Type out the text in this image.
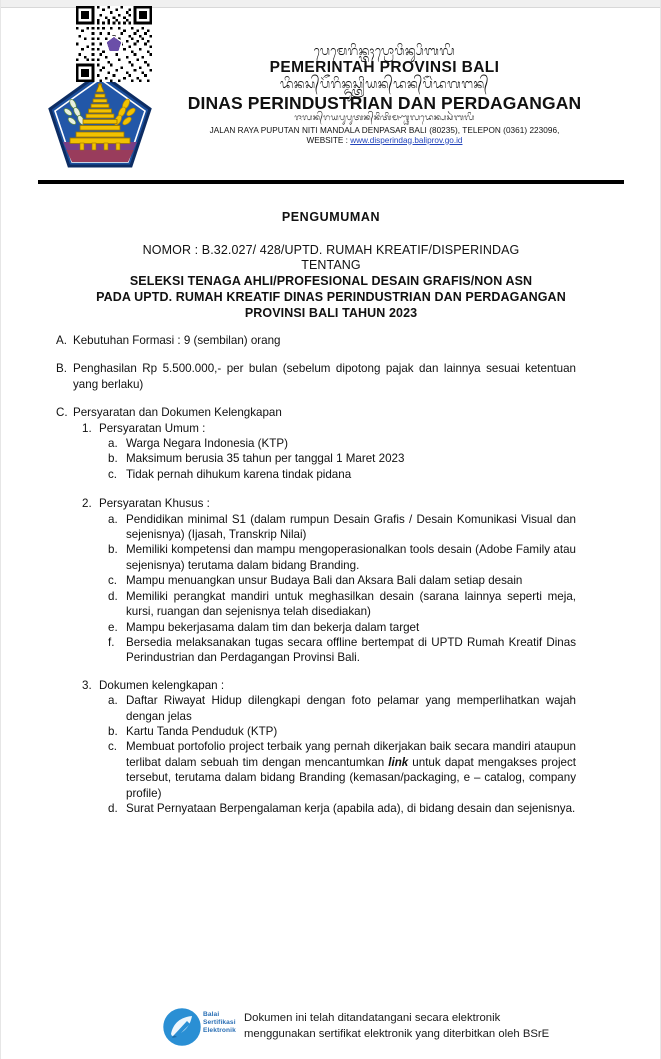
ᬧᬾᬫᬾᬭᬶᬦ᭄ᬢᬄ​ᬧ᭄ᬭᭀᬯᬶᬦ᭄ᬲᬶ​ᬩᬮᬶ
PEMERINTAH PROVINSI BALI
ᬤᬶᬦᬲ᭄​ᬧᭂᬭᬶᬦ᭄ᬤᬸᬲ᭄ᬢ᭄ᬭᬶᬬᬦ᭄​ᬤᬦ᭄​ᬧᭂᬃᬤᬕᬗᬦ᭄
DINAS PERINDUSTRIAN DAN PERDAGANGAN
ᬚᬮᬦ᭄​ᬭᬬ​ᬧᬸᬧᬸᬢᬦ᭄​ᬦᬶᬢᬶ​ᬫᬡ᭄ᬥᬮ​ᬤᬾᬦ᭄ᬧᬲᬃ​ᬩᬮᬶ
JALAN RAYA PUPUTAN NITI MANDALA DENPASAR BALI (80235), TELEPON (0361) 223096,
WEBSITE : www.disperindag.baliprov.go.id
PENGUMUMAN
NOMOR : B.32.027/ 428/UPTD. RUMAH KREATIF/DISPERINDAG
TENTANG
SELEKSI TENAGA AHLI/PROFESIONAL DESAIN GRAFIS/NON ASN
PADA UPTD. RUMAH KREATIF DINAS PERINDUSTRIAN DAN PERDAGANGAN
PROVINSI BALI TAHUN 2023
A. Kebutuhan Formasi : 9 (sembilan) orang
B. Penghasilan Rp 5.500.000,- per bulan (sebelum dipotong pajak dan lainnya sesuai ketentuan yang berlaku)
C. Persyaratan dan Dokumen Kelengkapan
1. Persyaratan Umum :
a. Warga Negara Indonesia (KTP)
b. Maksimum berusia 35 tahun per tanggal 1 Maret 2023
c. Tidak pernah dihukum karena tindak pidana
2. Persyaratan Khusus :
a. Pendidikan minimal S1 (dalam rumpun Desain Grafis / Desain Komunikasi Visual dan sejenisnya) (Ijasah, Transkrip Nilai)
b. Memiliki kompetensi dan mampu mengoperasionalkan tools desain (Adobe Family atau sejenisnya) terutama dalam bidang Branding.
c. Mampu menuangkan unsur Budaya Bali dan Aksara Bali dalam setiap desain
d. Memiliki perangkat mandiri untuk meghasilkan desain (sarana lainnya seperti meja, kursi, ruangan dan sejenisnya telah disediakan)
e. Mampu bekerjasama dalam tim dan bekerja dalam target
f. Bersedia melaksanakan tugas secara offline bertempat di UPTD Rumah Kreatif Dinas Perindustrian dan Perdagangan Provinsi Bali.
3. Dokumen kelengkapan :
a. Daftar Riwayat Hidup dilengkapi dengan foto pelamar yang memperlihatkan wajah dengan jelas
b. Kartu Tanda Penduduk (KTP)
c. Membuat portofolio project terbaik yang pernah dikerjakan baik secara mandiri ataupun terlibat dalam sebuah tim dengan mencantumkan link untuk dapat mengakses project tersebut, terutama dalam bidang Branding (kemasan/packaging, e – catalog, company profile)
d. Surat Pernyataan Berpengalaman kerja (apabila ada), di bidang desain dan sejenisnya.
Balai
Sertifikasi
Elektronik
Dokumen ini telah ditandatangani secara elektronik
menggunakan sertifikat elektronik yang diterbitkan oleh BSrE
